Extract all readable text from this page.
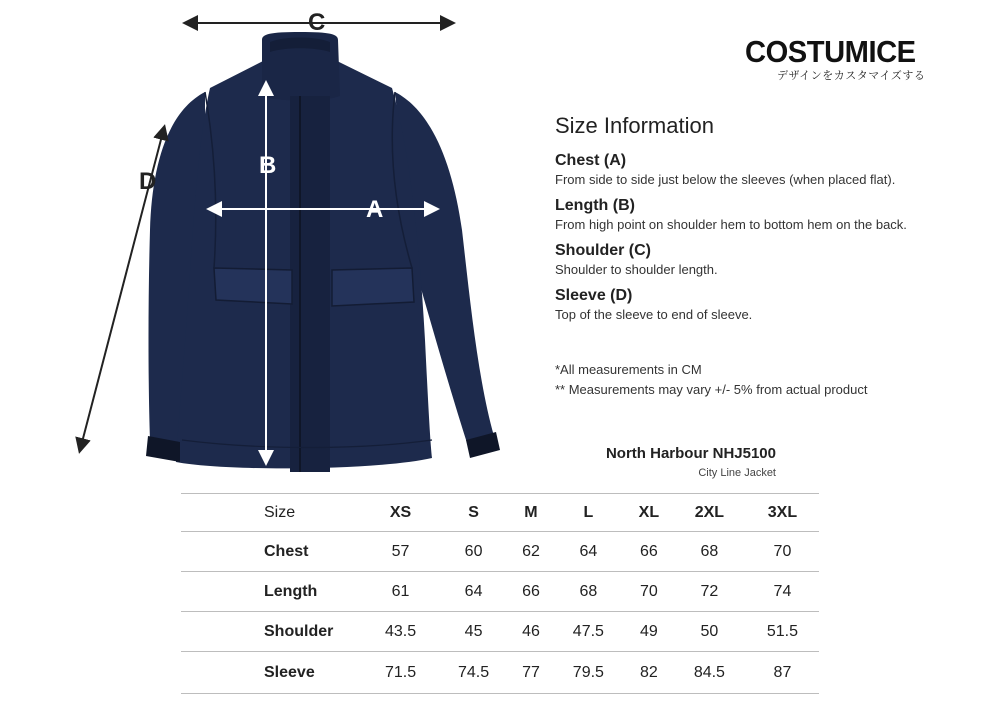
C
D
B
A
COSTUMICE
デザインをカスタマイズする
Size Information
Chest (A)
From side to side just below the sleeves (when placed flat).
Length (B)
From high point on shoulder hem to bottom hem on the back.
Shoulder (C)
Shoulder to shoulder length.
Sleeve (D)
Top of the sleeve to end of sleeve.
*All measurements in CM
** Measurements may vary +/- 5% from actual product
North Harbour NHJ5100
City Line Jacket
Size	XS	S	M	L	XL	2XL	3XL
Chest	57	60	62	64	66	68	70
Length	61	64	66	68	70	72	74
Shoulder	43.5	45	46	47.5	49	50	51.5
Sleeve	71.5	74.5	77	79.5	82	84.5	87
